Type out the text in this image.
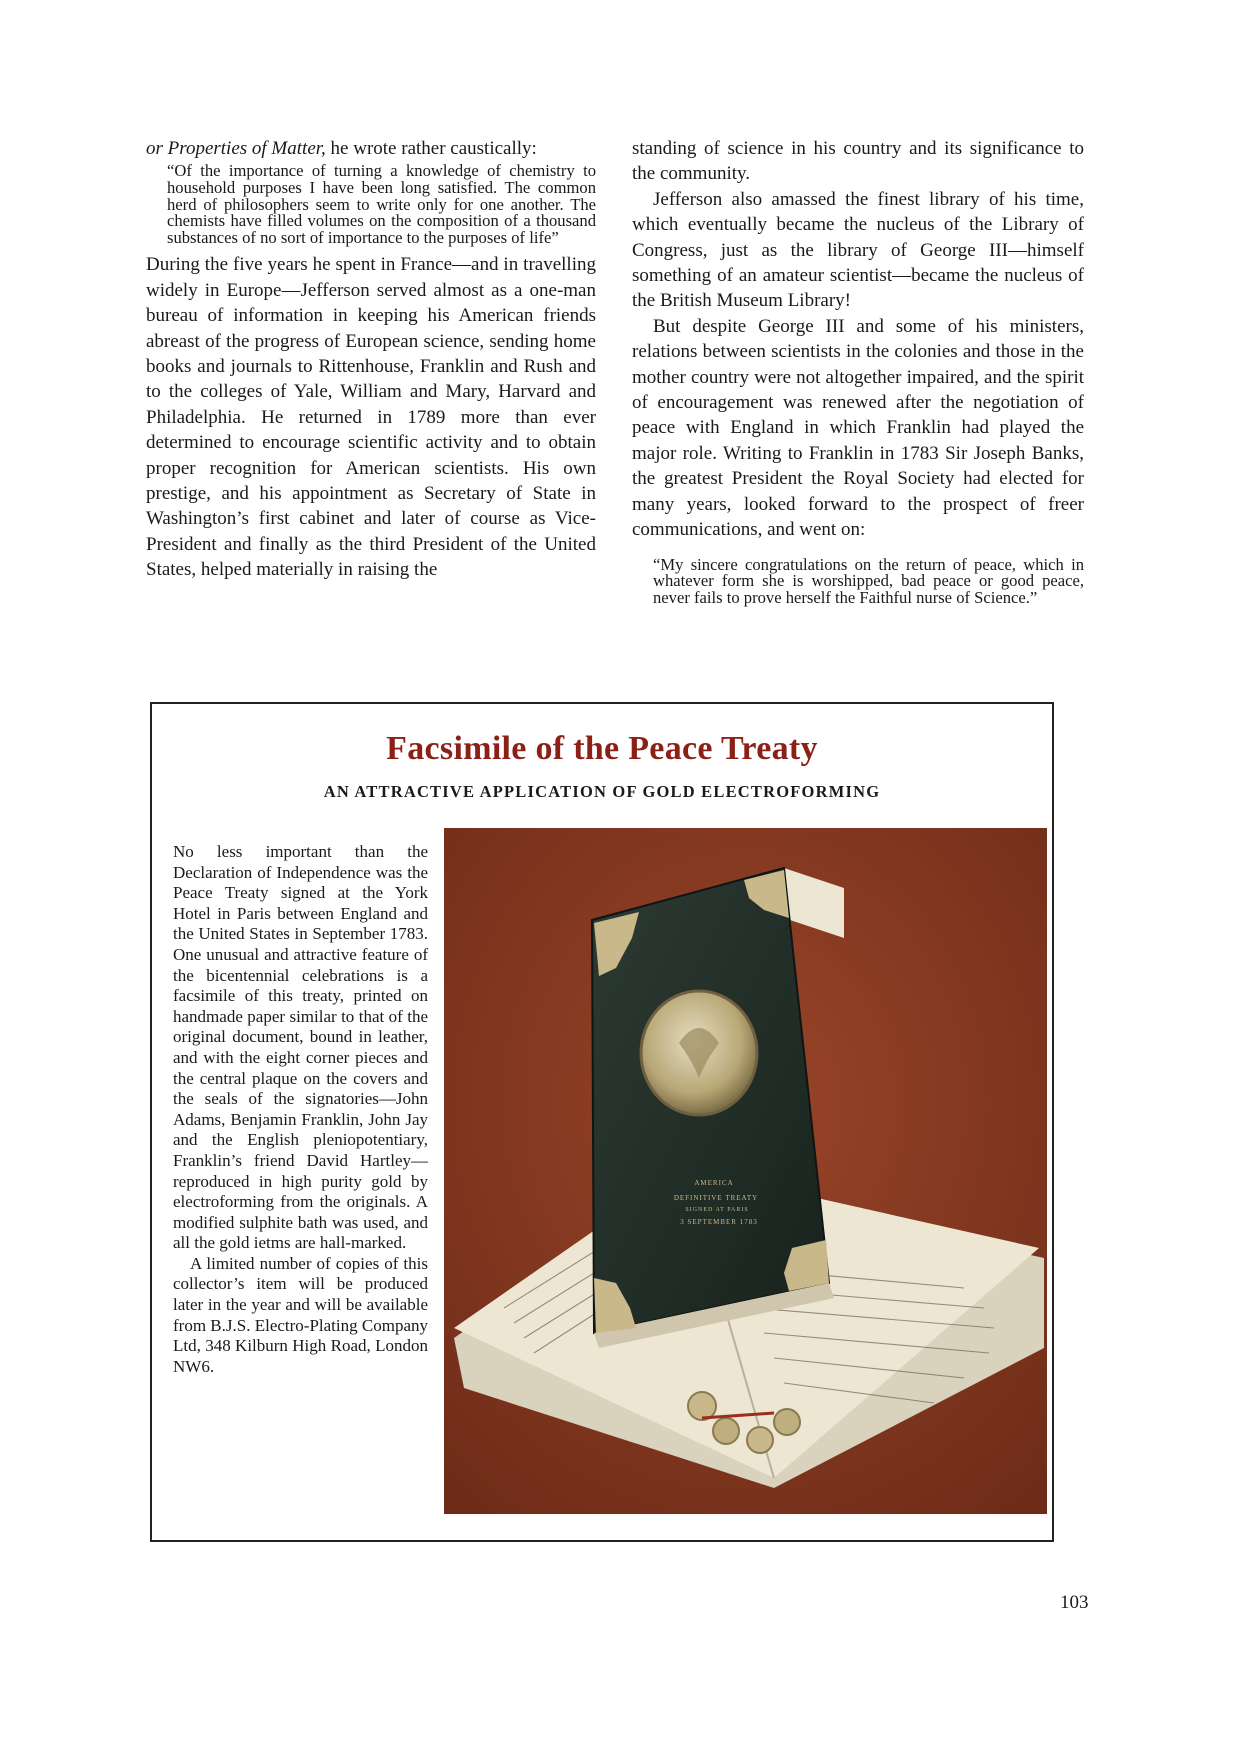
or Properties of Matter, he wrote rather caustically:

“Of the importance of turning a knowledge of chemistry to household purposes I have been long satisfied. The common herd of philosophers seem to write only for one another. The chemists have filled volumes on the composition of a thousand substances of no sort of importance to the purposes of life”

During the five years he spent in France—and in travelling widely in Europe—Jefferson served almost as a one-man bureau of information in keeping his American friends abreast of the progress of European science, sending home books and journals to Rittenhouse, Franklin and Rush and to the colleges of Yale, William and Mary, Harvard and Philadelphia. He returned in 1789 more than ever determined to encourage scientific activity and to obtain proper recognition for American scientists. His own prestige, and his appointment as Secretary of State in Washington’s first cabinet and later of course as Vice-President and finally as the third President of the United States, helped materially in raising the

standing of science in his country and its significance to the community.

Jefferson also amassed the finest library of his time, which eventually became the nucleus of the Library of Congress, just as the library of George III—himself something of an amateur scientist—became the nucleus of the British Museum Library!

But despite George III and some of his ministers, relations between scientists in the colonies and those in the mother country were not altogether impaired, and the spirit of encouragement was renewed after the negotiation of peace with England in which Franklin had played the major role. Writing to Franklin in 1783 Sir Joseph Banks, the greatest President the Royal Society had elected for many years, looked forward to the prospect of freer communications, and went on:

“My sincere congratulations on the return of peace, which in whatever form she is worshipped, bad peace or good peace, never fails to prove herself the Faithful nurse of Science.”

Facsimile of the Peace Treaty
AN ATTRACTIVE APPLICATION OF GOLD ELECTROFORMING

No less important than the Declaration of Independence was the Peace Treaty signed at the York Hotel in Paris between England and the United States in September 1783. One unusual and attractive feature of the bicentennial celebrations is a facsimile of this treaty, printed on handmade paper similar to that of the original document, bound in leather, and with the eight corner pieces and the central plaque on the covers and the seals of the signatories—John Adams, Benjamin Franklin, John Jay and the English pleniopotentiary, Franklin’s friend David Hartley—reproduced in high purity gold by electroforming from the originals. A modified sulphite bath was used, and all the gold ietms are hall-marked.

A limited number of copies of this collector’s item will be produced later in the year and will be available from B.J.S. Electro-Plating Company Ltd, 348 Kilburn High Road, London NW6.

AMERICA
DEFINITIVE TREATY
SIGNED AT PARIS
3 SEPTEMBER 1783
103
